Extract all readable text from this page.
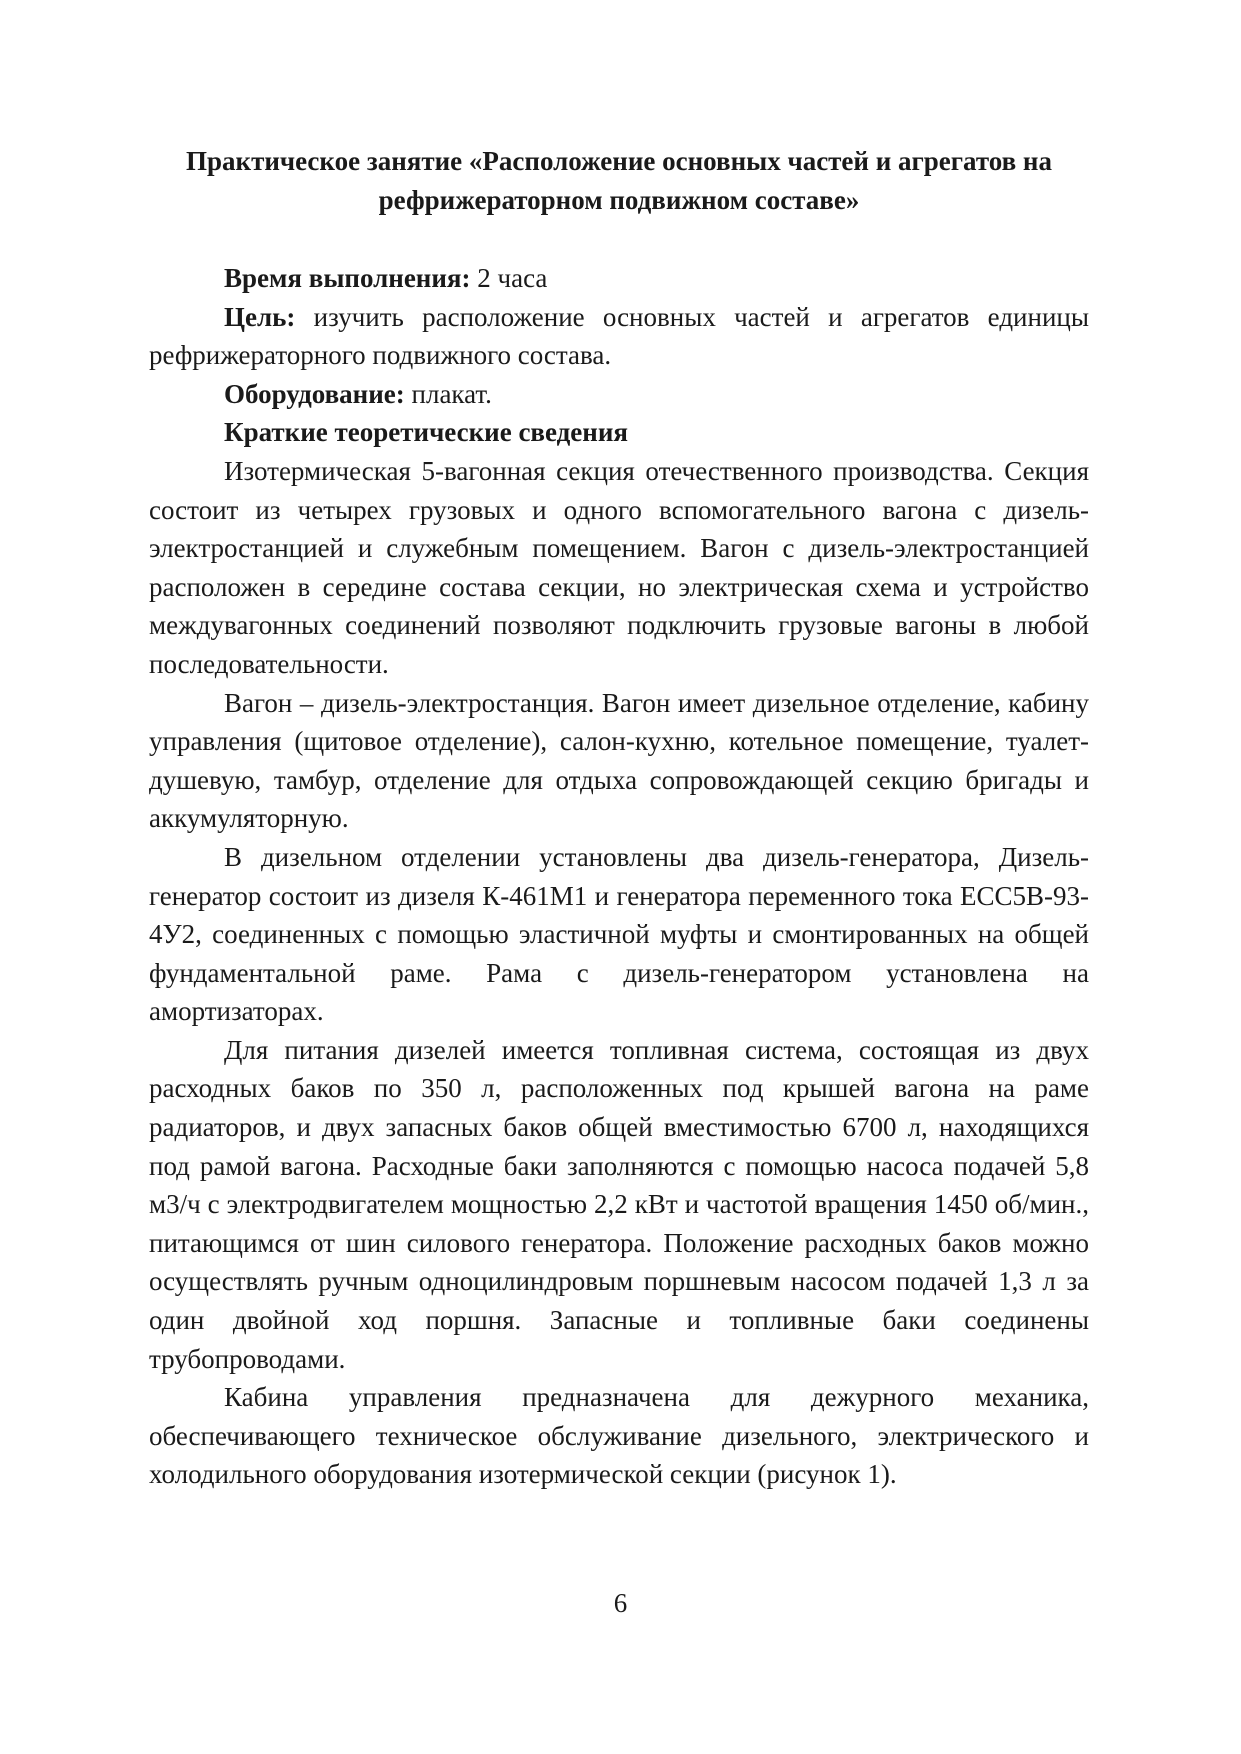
Практическое занятие «Расположение основных частей и агрегатов на
рефрижераторном подвижном составе»

Время выполнения: 2 часа

Цель: изучить расположение основных частей и агрегатов единицы рефрижераторного подвижного состава.

Оборудование: плакат.

Краткие теоретические сведения

Изотермическая 5-вагонная секция отечественного производства. Секция состоит из четырех грузовых и одного вспомогательного вагона с дизель-электростанцией и служебным помещением. Вагон с дизель-электростанцией расположен в середине состава секции, но электрическая схема и устройство междувагонных соединений позволяют подключить грузовые вагоны в любой последовательности.

Вагон – дизель-электростанция. Вагон имеет дизельное отделение, кабину управления (щитовое отделение), салон-кухню, котельное помещение, туалет-душевую, тамбур, отделение для отдыха сопровождающей секцию бригады и аккумуляторную.

В дизельном отделении установлены два дизель-генератора, Дизель-генератор состоит из дизеля К-461М1 и генератора переменного тока ЕСС5В-93-4У2, соединенных с помощью эластичной муфты и смонтированных на общей фундаментальной раме. Рама с дизель-генератором установлена на амортизаторах.

Для питания дизелей имеется топливная система, состоящая из двух расходных баков по 350 л, расположенных под крышей вагона на раме радиаторов, и двух запасных баков общей вместимостью 6700 л, находящихся под рамой вагона. Расходные баки заполняются с помощью насоса подачей 5,8 м3/ч с электродвигателем мощностью 2,2 кВт и частотой вращения 1450 об/мин., питающимся от шин силового генератора. Положение расходных баков можно осуществлять ручным одноцилиндровым поршневым насосом подачей 1,3 л за один двойной ход поршня. Запасные и топливные баки соединены трубопроводами.

Кабина управления предназначена для дежурного механика, обеспечивающего техническое обслуживание дизельного, электрического и холодильного оборудования изотермической секции (рисунок 1).

6
